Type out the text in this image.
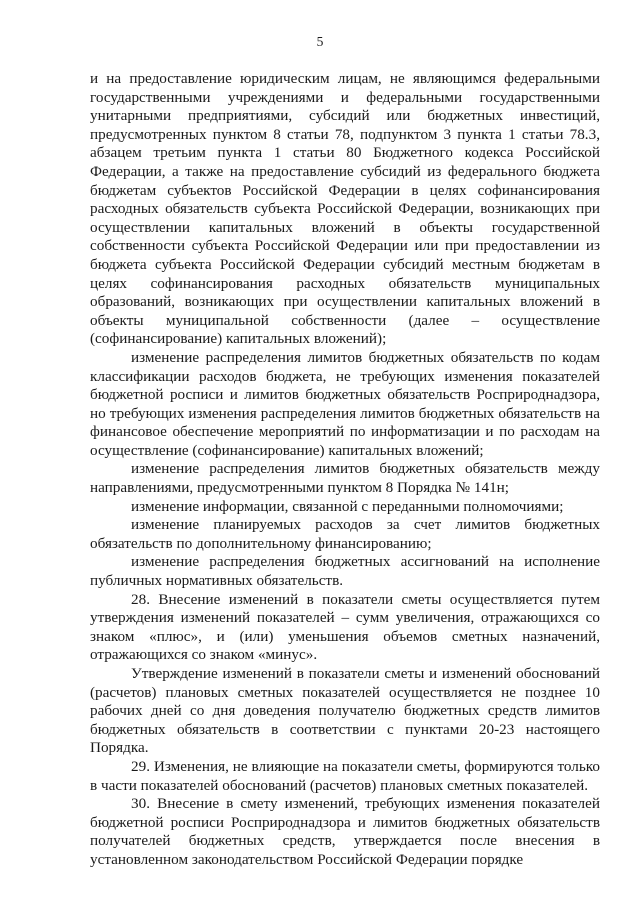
5

и на предоставление юридическим лицам, не являющимся федеральными государственными учреждениями и федеральными государственными унитарными предприятиями, субсидий или бюджетных инвестиций, предусмотренных пунктом 8 статьи 78, подпунктом 3 пункта 1 статьи 78.3, абзацем третьим пункта 1 статьи 80 Бюджетного кодекса Российской Федерации, а также на предоставление субсидий из федерального бюджета бюджетам субъектов Российской Федерации в целях софинансирования расходных обязательств субъекта Российской Федерации, возникающих при осуществлении капитальных вложений в объекты государственной собственности субъекта Российской Федерации или при предоставлении из бюджета субъекта Российской Федерации субсидий местным бюджетам в целях софинансирования расходных обязательств муниципальных образований, возникающих при осуществлении капитальных вложений в объекты муниципальной собственности (далее – осуществление (софинансирование) капитальных вложений);

изменение распределения лимитов бюджетных обязательств по кодам классификации расходов бюджета, не требующих изменения показателей бюджетной росписи и лимитов бюджетных обязательств Росприроднадзора, но требующих изменения распределения лимитов бюджетных обязательств на финансовое обеспечение мероприятий по информатизации и по расходам на осуществление (софинансирование) капитальных вложений;

изменение распределения лимитов бюджетных обязательств между направлениями, предусмотренными пунктом 8 Порядка № 141н;

изменение информации, связанной с переданными полномочиями;

изменение планируемых расходов за счет лимитов бюджетных обязательств по дополнительному финансированию;

изменение распределения бюджетных ассигнований на исполнение публичных нормативных обязательств.

28. Внесение изменений в показатели сметы осуществляется путем утверждения изменений показателей – сумм увеличения, отражающихся со знаком «плюс», и (или) уменьшения объемов сметных назначений, отражающихся со знаком «минус».

Утверждение изменений в показатели сметы и изменений обоснований (расчетов) плановых сметных показателей осуществляется не позднее 10 рабочих дней со дня доведения получателю бюджетных средств лимитов бюджетных обязательств в соответствии с пунктами 20-23 настоящего Порядка.

29. Изменения, не влияющие на показатели сметы, формируются только в части показателей обоснований (расчетов) плановых сметных показателей.

30. Внесение в смету изменений, требующих изменения показателей бюджетной росписи Росприроднадзора и лимитов бюджетных обязательств получателей бюджетных средств, утверждается после внесения в установленном законодательством Российской Федерации порядке
